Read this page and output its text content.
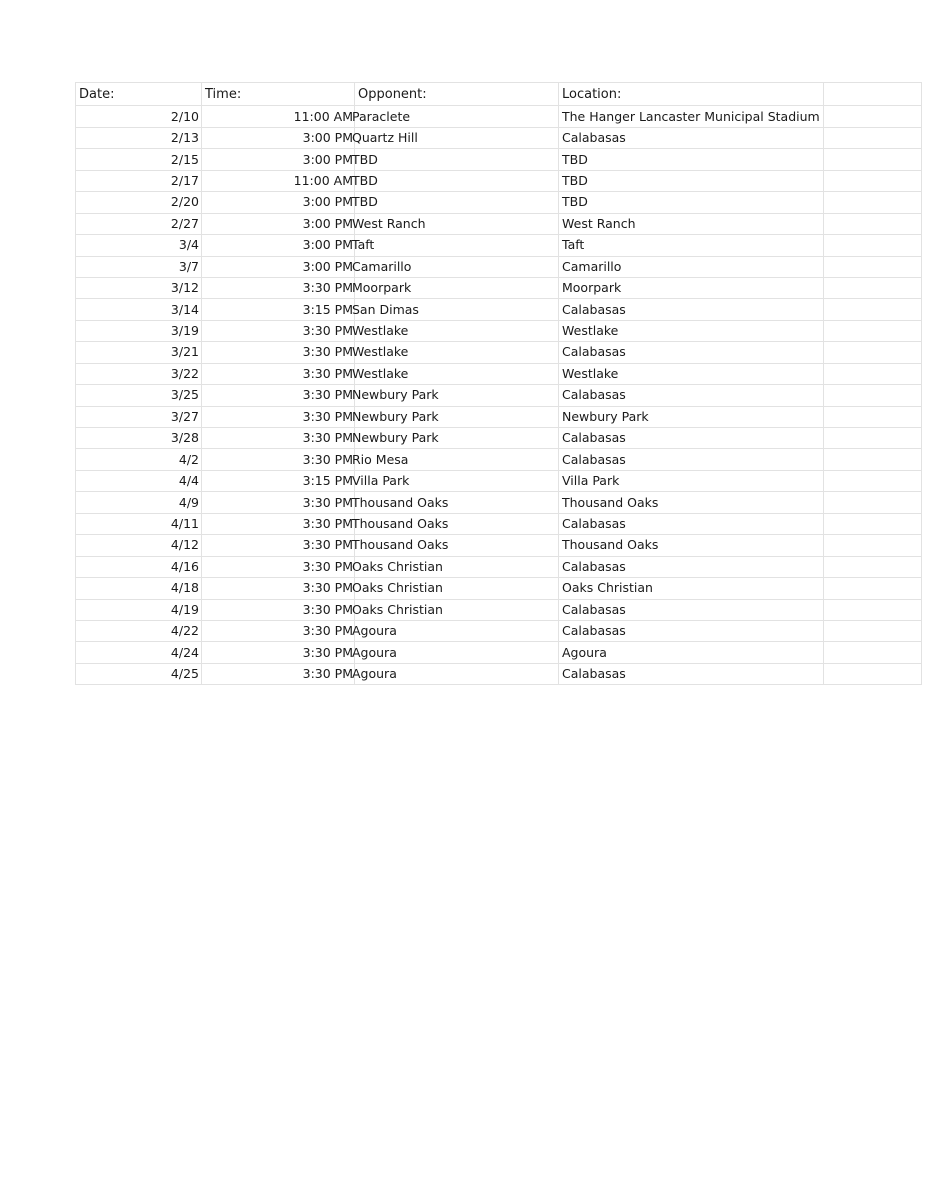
Date:	Time:	Opponent:	Location:	
2/10	11:00 AM	Paraclete	The Hanger Lancaster Municipal Stadium	
2/13	3:00 PM	Quartz Hill	Calabasas	
2/15	3:00 PM	TBD	TBD	
2/17	11:00 AM	TBD	TBD	
2/20	3:00 PM	TBD	TBD	
2/27	3:00 PM	West Ranch	West Ranch	
3/4	3:00 PM	Taft	Taft	
3/7	3:00 PM	Camarillo	Camarillo	
3/12	3:30 PM	Moorpark	Moorpark	
3/14	3:15 PM	San Dimas	Calabasas	
3/19	3:30 PM	Westlake	Westlake	
3/21	3:30 PM	Westlake	Calabasas	
3/22	3:30 PM	Westlake	Westlake	
3/25	3:30 PM	Newbury Park	Calabasas	
3/27	3:30 PM	Newbury Park	Newbury Park	
3/28	3:30 PM	Newbury Park	Calabasas	
4/2	3:30 PM	Rio Mesa	Calabasas	
4/4	3:15 PM	Villa Park	Villa Park	
4/9	3:30 PM	Thousand Oaks	Thousand Oaks	
4/11	3:30 PM	Thousand Oaks	Calabasas	
4/12	3:30 PM	Thousand Oaks	Thousand Oaks	
4/16	3:30 PM	Oaks Christian	Calabasas	
4/18	3:30 PM	Oaks Christian	Oaks Christian	
4/19	3:30 PM	Oaks Christian	Calabasas	
4/22	3:30 PM	Agoura	Calabasas	
4/24	3:30 PM	Agoura	Agoura	
4/25	3:30 PM	Agoura	Calabasas	
